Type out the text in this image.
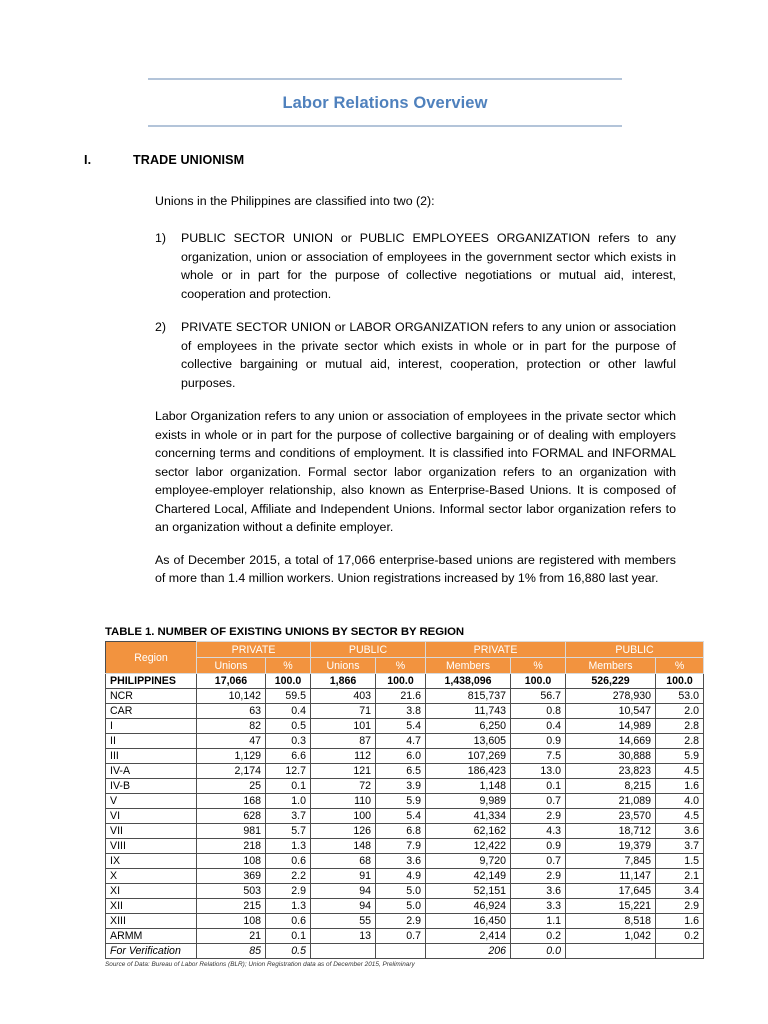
Labor Relations Overview
I.	TRADE UNIONISM

Unions in the Philippines are classified into two (2):

1) PUBLIC SECTOR UNION or PUBLIC EMPLOYEES ORGANIZATION refers to any organization, union or association of employees in the government sector which exists in whole or in part for the purpose of collective negotiations or mutual aid, interest, cooperation and protection.
2) PRIVATE SECTOR UNION or LABOR ORGANIZATION refers to any union or association of employees in the private sector which exists in whole or in part for the purpose of collective bargaining or mutual aid, interest, cooperation, protection or other lawful purposes.

Labor Organization refers to any union or association of employees in the private sector which exists in whole or in part for the purpose of collective bargaining or of dealing with employers concerning terms and conditions of employment. It is classified into FORMAL and INFORMAL sector labor organization. Formal sector labor organization refers to an organization with employee-employer relationship, also known as Enterprise-Based Unions. It is composed of Chartered Local, Affiliate and Independent Unions. Informal sector labor organization refers to an organization without a definite employer.

As of December 2015, a total of 17,066 enterprise-based unions are registered with members of more than 1.4 million workers. Union registrations increased by 1% from 16,880 last year.

TABLE 1. NUMBER OF EXISTING UNIONS BY SECTOR BY REGION
Region	PRIVATE		PUBLIC		PRIVATE		PUBLIC	
	Unions	%	Unions	%	Members	%	Members	%
PHILIPPINES	17,066	100.0	1,866	100.0	1,438,096	100.0	526,229	100.0
NCR	10,142	59.5	403	21.6	815,737	56.7	278,930	53.0
CAR	63	0.4	71	3.8	11,743	0.8	10,547	2.0
I	82	0.5	101	5.4	6,250	0.4	14,989	2.8
II	47	0.3	87	4.7	13,605	0.9	14,669	2.8
III	1,129	6.6	112	6.0	107,269	7.5	30,888	5.9
IV-A	2,174	12.7	121	6.5	186,423	13.0	23,823	4.5
IV-B	25	0.1	72	3.9	1,148	0.1	8,215	1.6
V	168	1.0	110	5.9	9,989	0.7	21,089	4.0
VI	628	3.7	100	5.4	41,334	2.9	23,570	4.5
VII	981	5.7	126	6.8	62,162	4.3	18,712	3.6
VIII	218	1.3	148	7.9	12,422	0.9	19,379	3.7
IX	108	0.6	68	3.6	9,720	0.7	7,845	1.5
X	369	2.2	91	4.9	42,149	2.9	11,147	2.1
XI	503	2.9	94	5.0	52,151	3.6	17,645	3.4
XII	215	1.3	94	5.0	46,924	3.3	15,221	2.9
XIII	108	0.6	55	2.9	16,450	1.1	8,518	1.6
ARMM	21	0.1	13	0.7	2,414	0.2	1,042	0.2
For Verification	85	0.5			206	0.0		
Source of Data: Bureau of Labor Relations (BLR); Union Registration data as of December 2015, Preliminary
